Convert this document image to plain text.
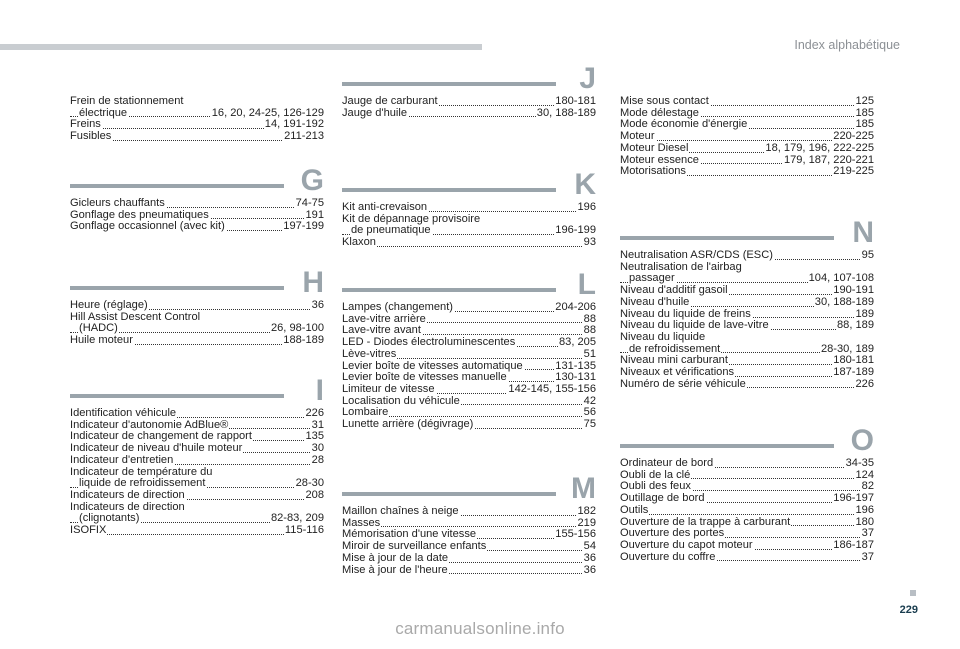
Index alphabétique
Frein de stationnement
électrique	16, 20, 24-25, 126-129
Freins	14, 191-192
Fusibles	211-213
G
Gicleurs chauffants	74-75
Gonflage des pneumatiques	191
Gonflage occasionnel (avec kit)	197-199
H
Heure (réglage)	36
Hill Assist Descent Control
(HADC)	26, 98-100
Huile moteur	188-189
I
Identification véhicule	226
Indicateur d'autonomie AdBlue®	31
Indicateur de changement de rapport	135
Indicateur de niveau d'huile moteur	30
Indicateur d'entretien	28
Indicateur de température du
liquide de refroidissement	28-30
Indicateurs de direction	208
Indicateurs de direction
(clignotants)	82-83, 209
ISOFIX	115-116
J
Jauge de carburant	180-181
Jauge d'huile	30, 188-189
K
Kit anti-crevaison	196
Kit de dépannage provisoire
de pneumatique	196-199
Klaxon	93
L
Lampes (changement)	204-206
Lave-vitre arrière	88
Lave-vitre avant	88
LED - Diodes électroluminescentes	83, 205
Lève-vitres	51
Levier boîte de vitesses automatique	131-135
Levier boîte de vitesses manuelle	130-131
Limiteur de vitesse	142-145, 155-156
Localisation du véhicule	42
Lombaire	56
Lunette arrière (dégivrage)	75
M
Maillon chaînes à neige	182
Masses	219
Mémorisation d'une vitesse	155-156
Miroir de surveillance enfants	54
Mise à jour de la date	36
Mise à jour de l'heure	36
Mise sous contact	125
Mode délestage	185
Mode économie d'énergie	185
Moteur	220-225
Moteur Diesel	18, 179, 196, 222-225
Moteur essence	179, 187, 220-221
Motorisations	219-225
N
Neutralisation ASR/CDS (ESC)	95
Neutralisation de l'airbag
passager	104, 107-108
Niveau d'additif gasoil	190-191
Niveau d'huile	30, 188-189
Niveau du liquide de freins	189
Niveau du liquide de lave-vitre	88, 189
Niveau du liquide
de refroidissement	28-30, 189
Niveau mini carburant	180-181
Niveaux et vérifications	187-189
Numéro de série véhicule	226
O
Ordinateur de bord	34-35
Oubli de la clé	124
Oubli des feux	82
Outillage de bord	196-197
Outils	196
Ouverture de la trappe à carburant	180
Ouverture des portes	37
Ouverture du capot moteur	186-187
Ouverture du coffre	37
229
carmanualsonline.info
